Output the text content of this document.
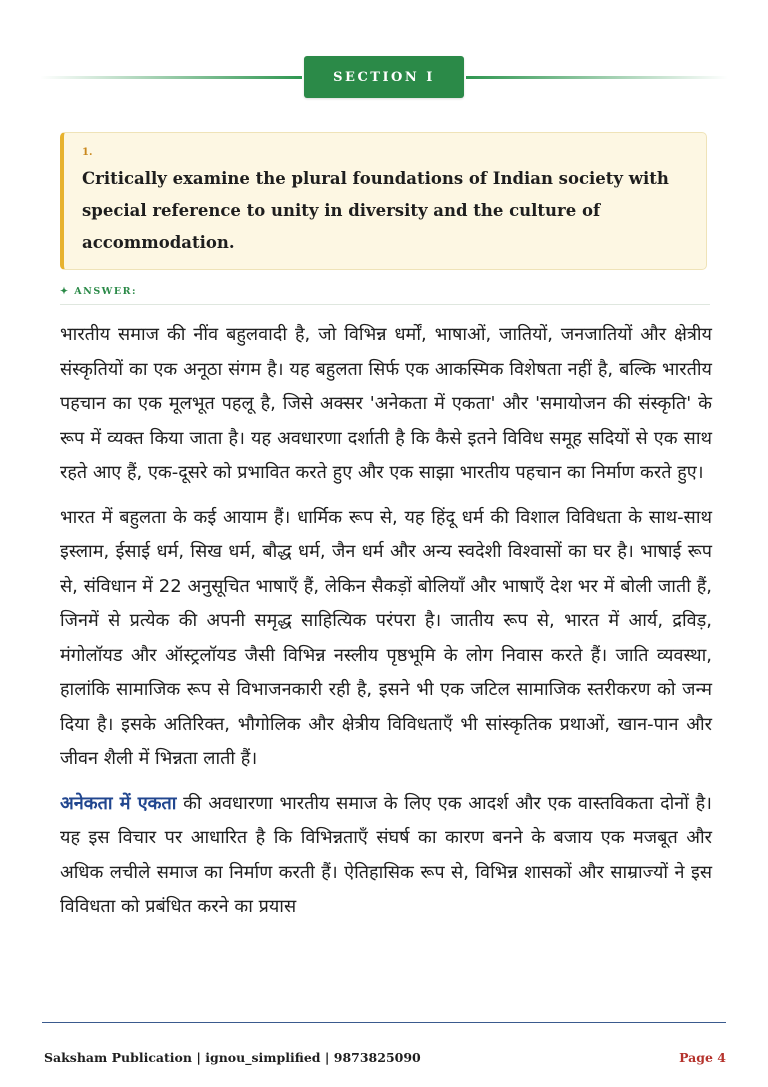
SECTION I
1.
Critically examine the plural foundations of Indian society with special reference to unity in diversity and the culture of accommodation.
✦ ANSWER:

भारतीय समाज की नींव बहुलवादी है, जो विभिन्न धर्मों, भाषाओं, जातियों, जनजातियों और क्षेत्रीय संस्कृतियों का एक अनूठा संगम है। यह बहुलता सिर्फ एक आकस्मिक विशेषता नहीं है, बल्कि भारतीय पहचान का एक मूलभूत पहलू है, जिसे अक्सर 'अनेकता में एकता' और 'समायोजन की संस्कृति' के रूप में व्यक्त किया जाता है। यह अवधारणा दर्शाती है कि कैसे इतने विविध समूह सदियों से एक साथ रहते आए हैं, एक-दूसरे को प्रभावित करते हुए और एक साझा भारतीय पहचान का निर्माण करते हुए।

भारत में बहुलता के कई आयाम हैं। धार्मिक रूप से, यह हिंदू धर्म की विशाल विविधता के साथ-साथ इस्लाम, ईसाई धर्म, सिख धर्म, बौद्ध धर्म, जैन धर्म और अन्य स्वदेशी विश्वासों का घर है। भाषाई रूप से, संविधान में 22 अनुसूचित भाषाएँ हैं, लेकिन सैकड़ों बोलियाँ और भाषाएँ देश भर में बोली जाती हैं, जिनमें से प्रत्येक की अपनी समृद्ध साहित्यिक परंपरा है। जातीय रूप से, भारत में आर्य, द्रविड़, मंगोलॉयड और ऑस्ट्रलॉयड जैसी विभिन्न नस्लीय पृष्ठभूमि के लोग निवास करते हैं। जाति व्यवस्था, हालांकि सामाजिक रूप से विभाजनकारी रही है, इसने भी एक जटिल सामाजिक स्तरीकरण को जन्म दिया है। इसके अतिरिक्त, भौगोलिक और क्षेत्रीय विविधताएँ भी सांस्कृतिक प्रथाओं, खान-पान और जीवन शैली में भिन्नता लाती हैं।

अनेकता में एकता की अवधारणा भारतीय समाज के लिए एक आदर्श और एक वास्तविकता दोनों है। यह इस विचार पर आधारित है कि विभिन्नताएँ संघर्ष का कारण बनने के बजाय एक मजबूत और अधिक लचीले समाज का निर्माण करती हैं। ऐतिहासिक रूप से, विभिन्न शासकों और साम्राज्यों ने इस विविधता को प्रबंधित करने का प्रयास

Saksham Publication | ignou_simplified | 9873825090	Page 4
